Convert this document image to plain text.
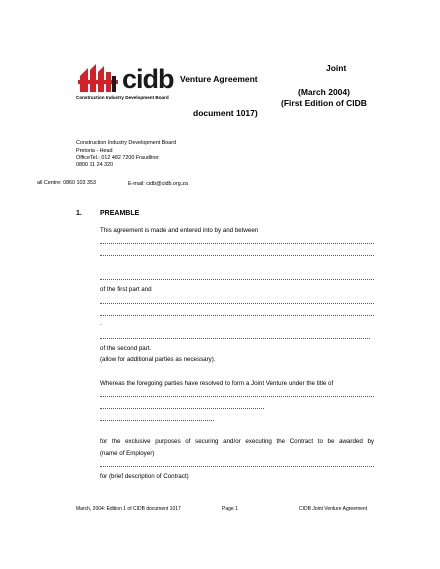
cidb
Construction Industry Development Board
Joint
Venture Agreement
(March 2004)
(First Edition of CIDB
document 1017)
Construction Industry Development Board
Pretoria - Head
OfficeTel.: 012 482 7200 Fraudline:
0800 11 24 320
all Centre: 0860 103 353	E-mail: cidb@cidb.org.za
1.	PREAMBLE
This agreement is made and entered into by and between
of the first part and
.
of the second part.
(allow for additional parties as necessary).
Whereas the foregoing parties have resolved to form a Joint Venture under the title of
for the exclusive purposes of securing and/or executing the Contract to be awarded by
(name of Employer)
for (brief description of Contract)
March, 2004: Edition 1 of CIDB document 1017	Page 1	CIDB Joint Venture Agreement
